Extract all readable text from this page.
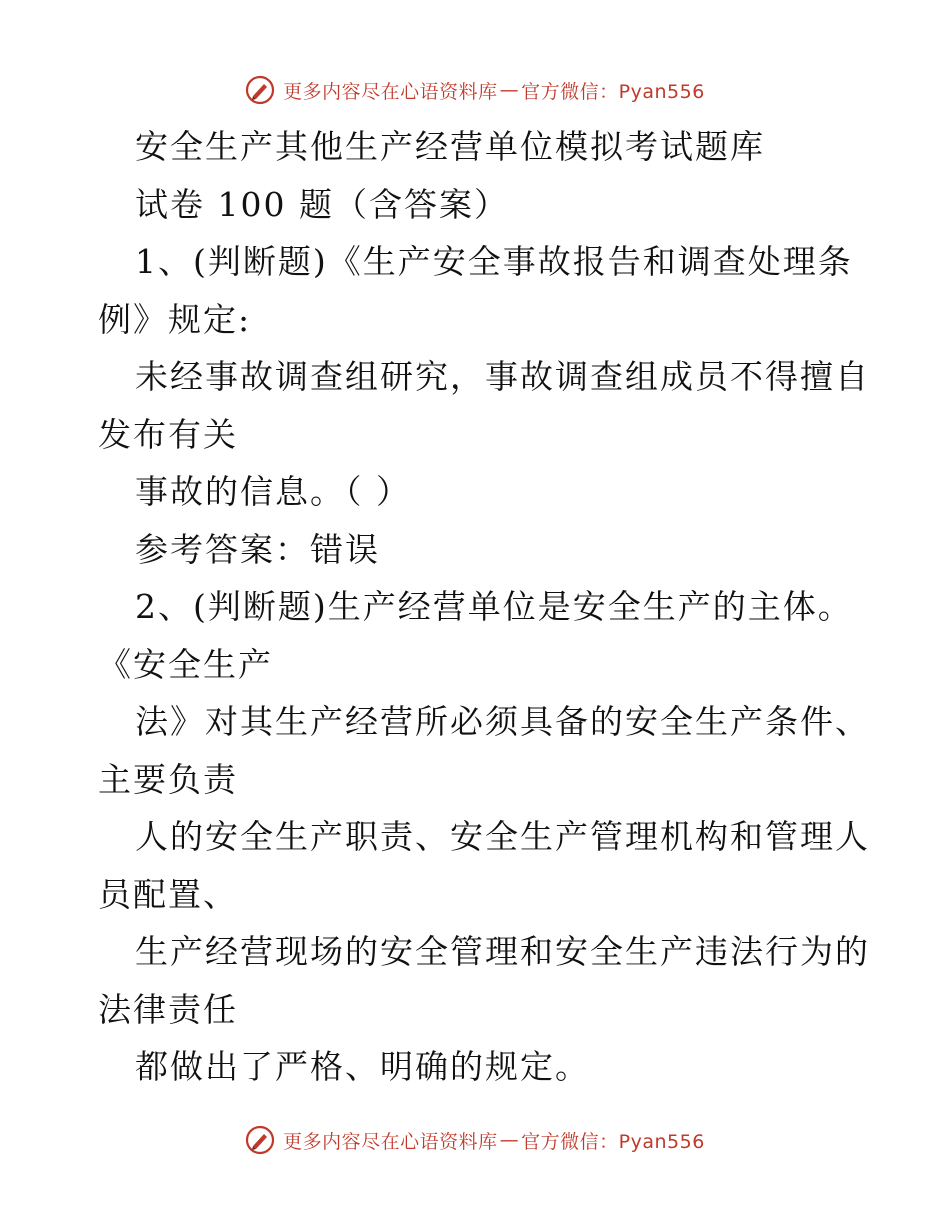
更多内容尽在心语资料库 — 官方微信：Pyan556
安全生产其他生产经营单位模拟考试题库
试卷 100 题（含答案）
1、(判断题)《生产安全事故报告和调查处理条
例》规定:
未经事故调查组研究，事故调查组成员不得擅自
发布有关
事故的信息。（ ）
参考答案：错误
2、(判断题)生产经营单位是安全生产的主体。
《安全生产
法》对其生产经营所必须具备的安全生产条件、
主要负责
人的安全生产职责、安全生产管理机构和管理人
员配置、
生产经营现场的安全管理和安全生产违法行为的
法律责任
都做出了严格、明确的规定。
更多内容尽在心语资料库 — 官方微信：Pyan556
